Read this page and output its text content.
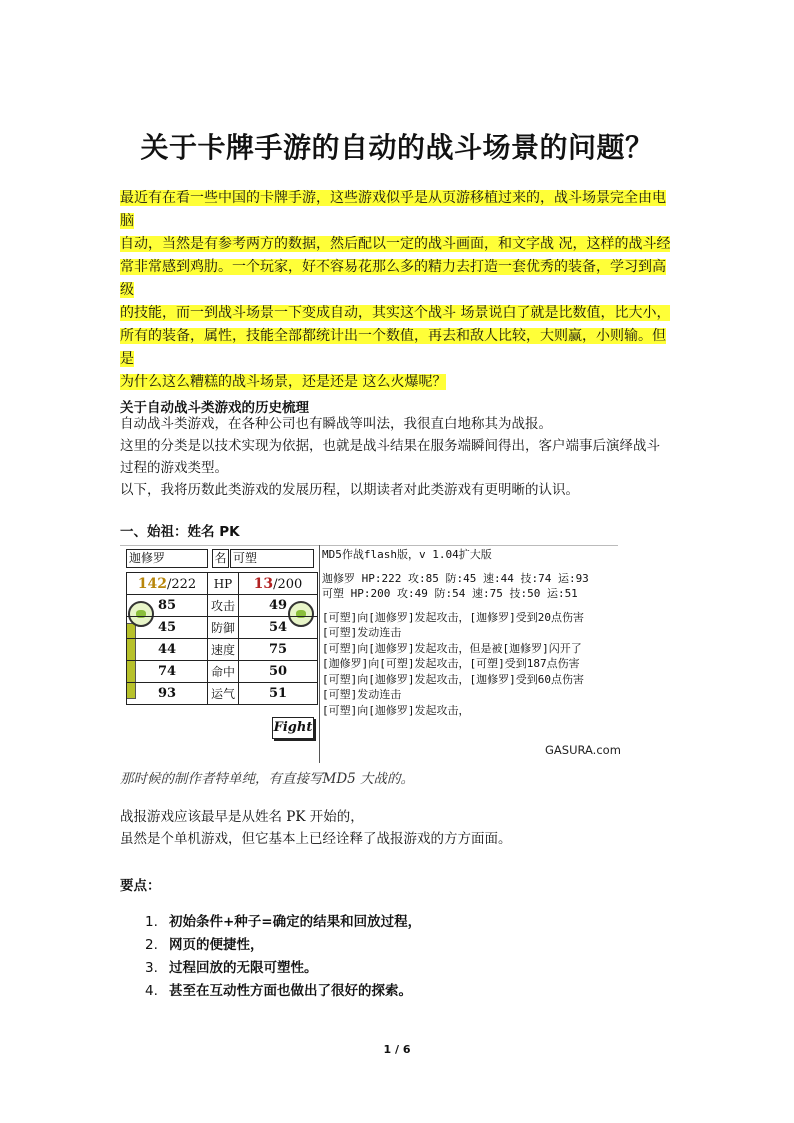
关于卡牌手游的自动的战斗场景的问题？
最近有在看一些中国的卡牌手游，这些游戏似乎是从页游移植过来的，战斗场景完全由电脑
自动，当然是有参考两方的数据，然后配以一定的战斗画面，和文字战 况，这样的战斗经
常非常感到鸡肋。一个玩家，好不容易花那么多的精力去打造一套优秀的装备，学习到高级
的技能，而一到战斗场景一下变成自动，其实这个战斗 场景说白了就是比数值，比大小，
所有的装备，属性，技能全部都统计出一个数值，再去和敌人比较，大则赢，小则输。但是
为什么这么糟糕的战斗场景，还是还是 这么火爆呢？
关于自动战斗类游戏的历史梳理
自动战斗类游戏，在各种公司也有瞬战等叫法，我很直白地称其为战报。
这里的分类是以技术实现为依据，也就是战斗结果在服务端瞬间得出，客户端事后演绎战斗
过程的游戏类型。
以下，我将历数此类游戏的发展历程，以期读者对此类游戏有更明晰的认识。
一、始祖：姓名 PK
迦修罗	名 可塑
142/222	HP	13/200
85	攻击	49
45	防御	54
44	速度	75
74	命中	50
93	运气	51
Fight
MD5作战flash版，v 1.04扩大版
迦修罗 HP:222 攻:85 防:45 速:44 技:74 运:93
可塑 HP:200 攻:49 防:54 速:75 技:50 运:51
[可塑]向[迦修罗]发起攻击，[迦修罗]受到20点伤害
[可塑]发动连击
[可塑]向[迦修罗]发起攻击，但是被[迦修罗]闪开了
[迦修罗]向[可塑]发起攻击，[可塑]受到187点伤害
[可塑]向[迦修罗]发起攻击，[迦修罗]受到60点伤害
[可塑]发动连击
[可塑]向[迦修罗]发起攻击，
GASURA.com
那时候的制作者特单纯，有直接写MD5 大战的。
战报游戏应该最早是从姓名 PK 开始的，
虽然是个单机游戏，但它基本上已经诠释了战报游戏的方方面面。
要点：
1. 初始条件+种子=确定的结果和回放过程，
2. 网页的便捷性，
3. 过程回放的无限可塑性。
4. 甚至在互动性方面也做出了很好的探索。
1 / 6
